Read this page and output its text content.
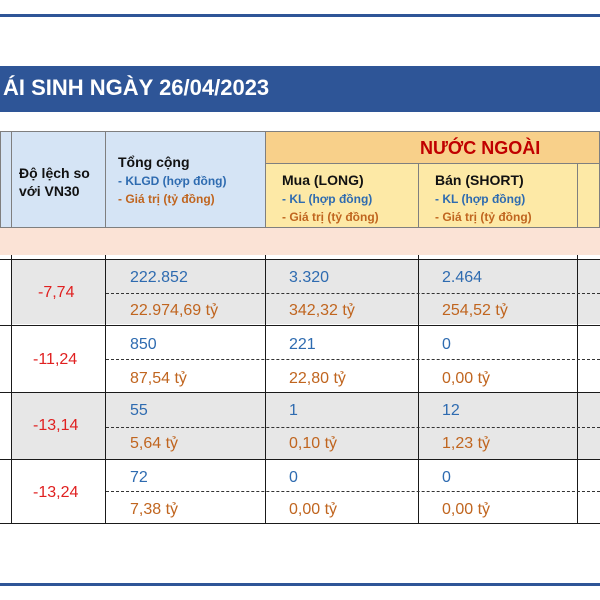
ÁI SINH NGÀY 26/04/2023
Độ lệch so
với VN30
Tổng cộng
- KLGD (hợp đồng)
- Giá trị (tỷ đồng)
NƯỚC NGOÀI
Mua (LONG)
- KL (hợp đồng)
- Giá trị (tỷ đồng)
Bán (SHORT)
- KL (hợp đồng)
- Giá trị (tỷ đồng)
-7,74
222.852
22.974,69 tỷ
3.320
342,32 tỷ
2.464
254,52 tỷ
-11,24
850
87,54 tỷ
221
22,80 tỷ
0
0,00 tỷ
-13,14
55
5,64 tỷ
1
0,10 tỷ
12
1,23 tỷ
-13,24
72
7,38 tỷ
0
0,00 tỷ
0
0,00 tỷ
